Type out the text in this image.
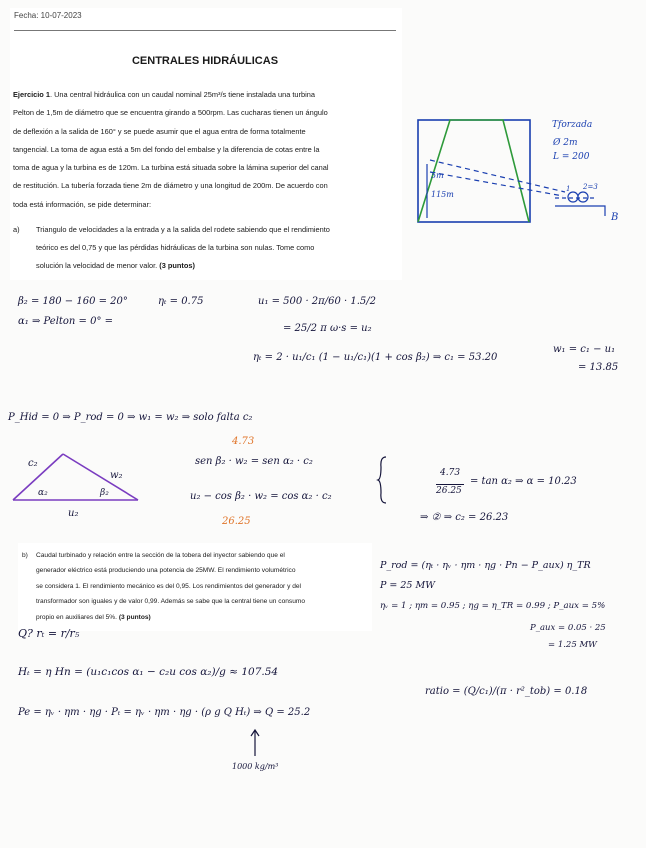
Fecha: 10-07-2023
CENTRALES HIDRÁULICAS
Ejercicio 1. Una central hidráulica con un caudal nominal 25m³/s tiene instalada una turbina
Pelton de 1,5m de diámetro que se encuentra girando a 500rpm. Las cucharas tienen un ángulo
de deflexión a la salida de 160° y se puede asumir que el agua entra de forma totalmente
tangencial. La toma de agua está a 5m del fondo del embalse y la diferencia de cotas entre la
toma de agua y la turbina es de 120m. La turbina está situada sobre la lámina superior del canal
de restitución. La tubería forzada tiene 2m de diámetro y una longitud de 200m. De acuerdo con
toda está información, se pide determinar:
a) Triangulo de velocidades a la entrada y a la salida del rodete sabiendo que el rendimiento
teórico es del 0,75 y que las pérdidas hidráulicas de la turbina son nulas. Tome como
solución la velocidad de menor valor. (3 puntos)
Tforzada
Ø 2m
L = 200
5m
115m
1 2=3
B
β₂ = 180 − 160 = 20°
α₁ ⇒ Pelton = 0° =
ηₜ = 0.75	u₁ = 500 · 2π/60 · 1.5/2
= 25/2 π ω·s = u₂
ηₜ = 2 · u₁/c₁ (1 − u₁/c₁)(1 + cos β₂) ⇒ c₁ = 53.20
w₁ = c₁ − u₁
= 13.85
P_Hid = 0 ⇒ P_rod = 0 ⇒ w₁ = w₂ ⇒ solo falta c₂
c₂
w₂
α₂	β₂
u₂
4.73
sen β₂ · w₂ = sen α₂ · c₂
u₂ − cos β₂ · w₂ = cos α₂ · c₂
26.25
4.73
26.25
= tan α₂ ⇒ α = 10.23
⇒ ② ⇒ c₂ = 26.23
b) Caudal turbinado y relación entre la sección de la tobera del inyector sabiendo que el
generador eléctrico está produciendo una potencia de 25MW. El rendimiento volumétrico
se considera 1. El rendimiento mecánico es del 0,95. Los rendimientos del generador y del
transformador son iguales y de valor 0,99. Además se sabe que la central tiene un consumo
propio en auxiliares del 5%. (3 puntos)
P_rod = (ηₜ · ηᵥ · ηm · ηg · Pn − P_aux) η_TR
P = 25 MW
ηᵥ = 1 ; ηm = 0.95 ; ηg = η_TR = 0.99 ; P_aux = 5%
P_aux = 0.05 · 25
= 1.25 MW
Q? rₜ = r/r₅
Hₜ = η Hn = (u₁c₁cos α₁ − c₂u cos α₂)/g ≈ 107.54
Pe = ηᵥ · ηm · ηg · Pₜ = ηᵥ · ηm · ηg · (ρ g Q Hₜ) ⇒ Q = 25.2
1000 kg/m³
ratio = (Q/c₁)/(π · r²_tob) = 0.18
